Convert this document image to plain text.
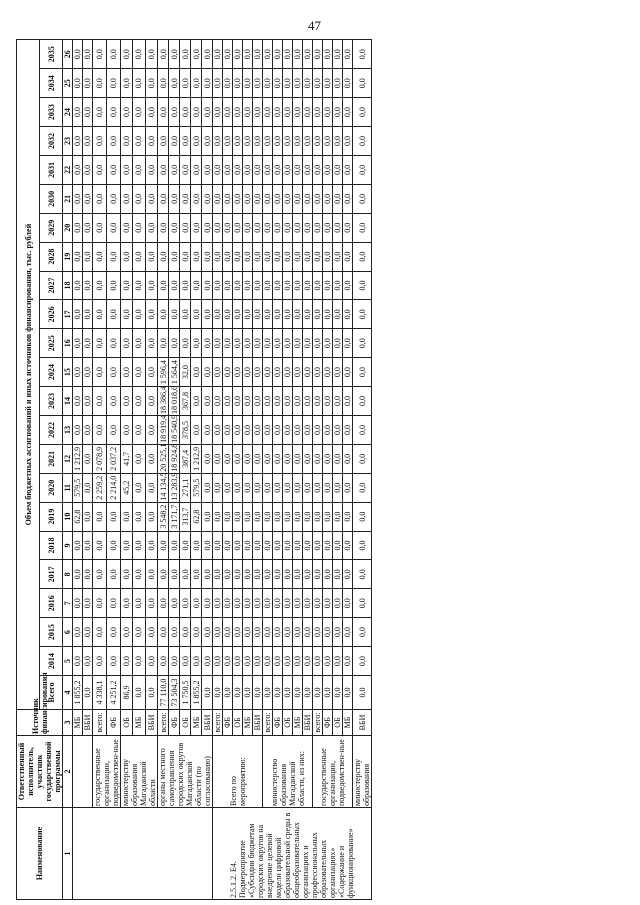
47
Наименование	Ответственный исполнитель, участник государственной программы	Источник финансирования	Объем бюджетных ассигнований и иных источников финансирования, тыс. рублей																						
			Всего	2014	2015	2016	2017	2018	2019	2020	2021	2022	2023	2024	2025	2026	2027	2028	2029	2030	2031	2032	2033	2034	2035
1	2	3	4	5	6	7	8	9	10	11	12	13	14	15	16	17	18	19	20	21	22	23	24	25	26
		МБ	1 855,2	0,0	0,0	0,0	0,0	0,0	62,8	579,5	1 212,9	0,0	0,0	0,0	0,0	0,0	0,0	0,0	0,0	0,0	0,0	0,0	0,0	0,0	0,0
		ВБИ	0,0	0,0	0,0	0,0	0,0	0,0	0,0	0,0	0,0	0,0	0,0	0,0	0,0	0,0	0,0	0,0	0,0	0,0	0,0	0,0	0,0	0,0	0,0
	государственные организации, подведомствен-ные	всего:	4 338,1	0,0	0,0	0,0	0,0	0,0	0,0	2 259,2	2 078,9	0,0	0,0	0,0	0,0	0,0	0,0	0,0	0,0	0,0	0,0	0,0	0,0	0,0	0,0
		ФБ	4 251,2	0,0	0,0	0,0	0,0	0,0	0,0	2 214,0	2 037,2	0,0	0,0	0,0	0,0	0,0	0,0	0,0	0,0	0,0	0,0	0,0	0,0	0,0	0,0
	министерству образования Магаданской области	ОБ	86,9	0,0	0,0	0,0	0,0	0,0	0,0	45,2	41,7	0,0	0,0	0,0	0,0	0,0	0,0	0,0	0,0	0,0	0,0	0,0	0,0	0,0	0,0
		МБ	0,0	0,0	0,0	0,0	0,0	0,0	0,0	0,0	0,0	0,0	0,0	0,0	0,0	0,0	0,0	0,0	0,0	0,0	0,0	0,0	0,0	0,0	0,0
		ВБИ	0,0	0,0	0,0	0,0	0,0	0,0	0,0	0,0	0,0	0,0	0,0	0,0	0,0	0,0	0,0	0,0	0,0	0,0	0,0	0,0	0,0	0,0	0,0
	органы местного самоуправления городских округов Магаданской области (по согласованию)	всего:	77 110,0	0,0	0,0	0,0	0,0	0,0	3 548,2	14 134,5	20 525,1	18 919,4	18 386,4	1 596,4	0,0	0,0	0,0	0,0	0,0	0,0	0,0	0,0	0,0	0,0	0,0
		ФБ	73 504,3	0,0	0,0	0,0	0,0	0,0	3 171,7	13 283,9	18 924,8	18 540,9	18 018,6	1 564,4	0,0	0,0	0,0	0,0	0,0	0,0	0,0	0,0	0,0	0,0	0,0
		ОБ	1 750,5	0,0	0,0	0,0	0,0	0,0	313,7	271,1	387,4	378,5	367,8	32,0	0,0	0,0	0,0	0,0	0,0	0,0	0,0	0,0	0,0	0,0	0,0
		МБ	1 855,2	0,0	0,0	0,0	0,0	0,0	62,8	579,5	1 212,9	0,0	0,0	0,0	0,0	0,0	0,0	0,0	0,0	0,0	0,0	0,0	0,0	0,0	0,0
		ВБИ	0,0	0,0	0,0	0,0	0,0	0,0	0,0	0,0	0,0	0,0	0,0	0,0	0,0	0,0	0,0	0,0	0,0	0,0	0,0	0,0	0,0	0,0	0,0
2.5.1.2. Е4. Подмероприятие «Субсидии бюджетам городских округов на внедрение целевой модели цифровой образовательной среды в общеобразовательных организациях и профессиональных образовательных организациях» «Содержание и функционирование»	Всего по мероприятию:	всего:	0,0	0,0	0,0	0,0	0,0	0,0	0,0	0,0	0,0	0,0	0,0	0,0	0,0	0,0	0,0	0,0	0,0	0,0	0,0	0,0	0,0	0,0	0,0
		ФБ	0,0	0,0	0,0	0,0	0,0	0,0	0,0	0,0	0,0	0,0	0,0	0,0	0,0	0,0	0,0	0,0	0,0	0,0	0,0	0,0	0,0	0,0	0,0
		ОБ	0,0	0,0	0,0	0,0	0,0	0,0	0,0	0,0	0,0	0,0	0,0	0,0	0,0	0,0	0,0	0,0	0,0	0,0	0,0	0,0	0,0	0,0	0,0
		МБ	0,0	0,0	0,0	0,0	0,0	0,0	0,0	0,0	0,0	0,0	0,0	0,0	0,0	0,0	0,0	0,0	0,0	0,0	0,0	0,0	0,0	0,0	0,0
		ВБИ	0,0	0,0	0,0	0,0	0,0	0,0	0,0	0,0	0,0	0,0	0,0	0,0	0,0	0,0	0,0	0,0	0,0	0,0	0,0	0,0	0,0	0,0	0,0
	министерство образования Магаданской области, из них:	всего:	0,0	0,0	0,0	0,0	0,0	0,0	0,0	0,0	0,0	0,0	0,0	0,0	0,0	0,0	0,0	0,0	0,0	0,0	0,0	0,0	0,0	0,0	0,0
		ФБ	0,0	0,0	0,0	0,0	0,0	0,0	0,0	0,0	0,0	0,0	0,0	0,0	0,0	0,0	0,0	0,0	0,0	0,0	0,0	0,0	0,0	0,0	0,0
		ОБ	0,0	0,0	0,0	0,0	0,0	0,0	0,0	0,0	0,0	0,0	0,0	0,0	0,0	0,0	0,0	0,0	0,0	0,0	0,0	0,0	0,0	0,0	0,0
		МБ	0,0	0,0	0,0	0,0	0,0	0,0	0,0	0,0	0,0	0,0	0,0	0,0	0,0	0,0	0,0	0,0	0,0	0,0	0,0	0,0	0,0	0,0	0,0
		ВБИ	0,0	0,0	0,0	0,0	0,0	0,0	0,0	0,0	0,0	0,0	0,0	0,0	0,0	0,0	0,0	0,0	0,0	0,0	0,0	0,0	0,0	0,0	0,0
	государственные организации, подведомствен-ные	всего:	0,0	0,0	0,0	0,0	0,0	0,0	0,0	0,0	0,0	0,0	0,0	0,0	0,0	0,0	0,0	0,0	0,0	0,0	0,0	0,0	0,0	0,0	0,0
		ФБ	0,0	0,0	0,0	0,0	0,0	0,0	0,0	0,0	0,0	0,0	0,0	0,0	0,0	0,0	0,0	0,0	0,0	0,0	0,0	0,0	0,0	0,0	0,0
		ОБ	0,0	0,0	0,0	0,0	0,0	0,0	0,0	0,0	0,0	0,0	0,0	0,0	0,0	0,0	0,0	0,0	0,0	0,0	0,0	0,0	0,0	0,0	0,0
		МБ	0,0	0,0	0,0	0,0	0,0	0,0	0,0	0,0	0,0	0,0	0,0	0,0	0,0	0,0	0,0	0,0	0,0	0,0	0,0	0,0	0,0	0,0	0,0
	министерству образования	ВБИ	0,0	0,0	0,0	0,0	0,0	0,0	0,0	0,0	0,0	0,0	0,0	0,0	0,0	0,0	0,0	0,0	0,0	0,0	0,0	0,0	0,0	0,0	0,0
